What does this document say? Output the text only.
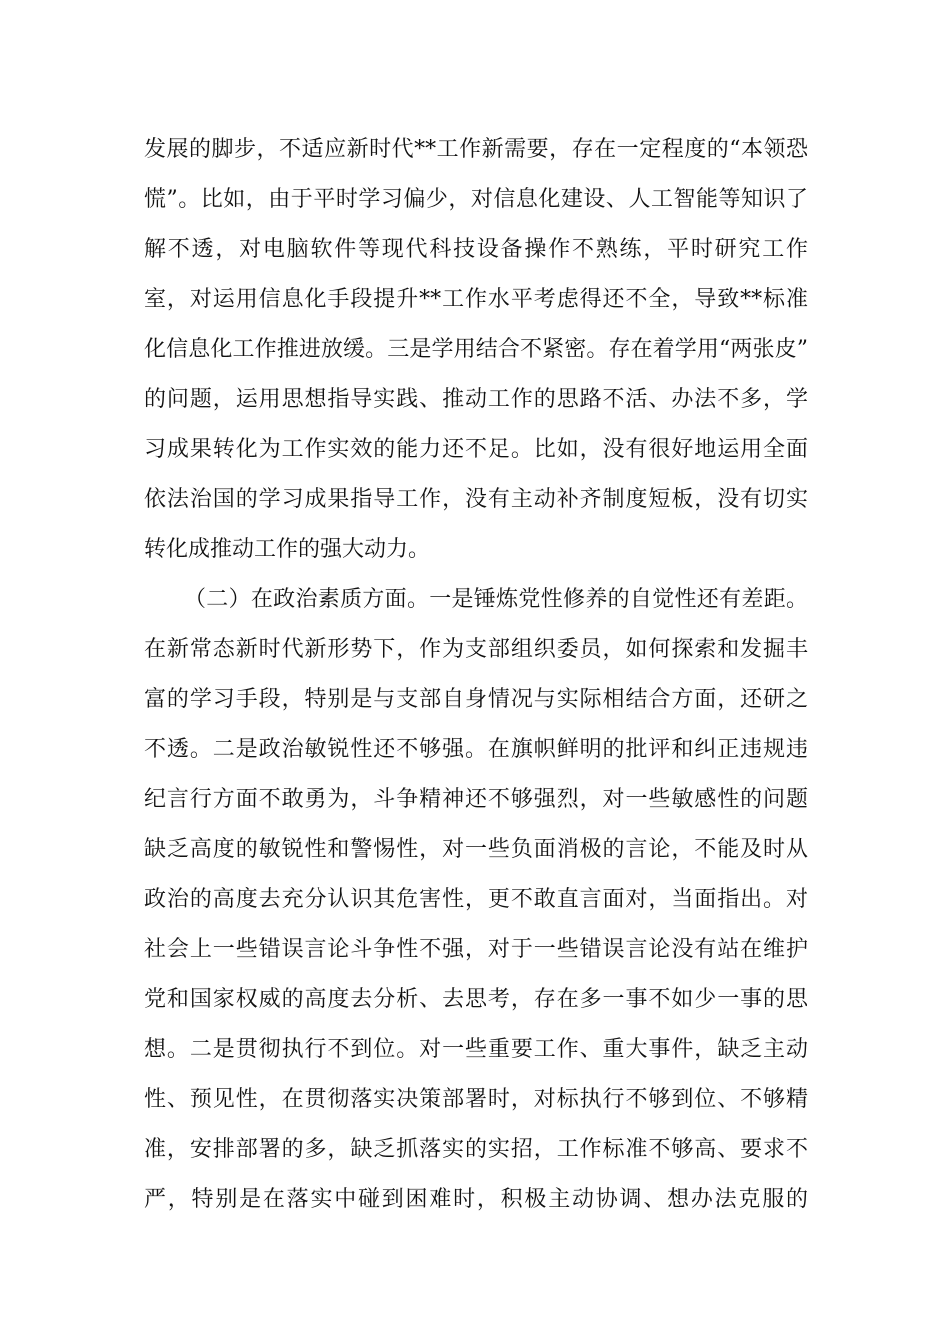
发展的脚步，不适应新时代**工作新需要，存在一定程度的“本领恐
慌”。比如，由于平时学习偏少，对信息化建设、人工智能等知识了
解不透，对电脑软件等现代科技设备操作不熟练，平时研究工作
室，对运用信息化手段提升**工作水平考虑得还不全，导致**标准
化信息化工作推进放缓。三是学用结合不紧密。存在着学用“两张皮”
的问题，运用思想指导实践、推动工作的思路不活、办法不多，学
习成果转化为工作实效的能力还不足。比如，没有很好地运用全面
依法治国的学习成果指导工作，没有主动补齐制度短板，没有切实
转化成推动工作的强大动力。
（二）在政治素质方面。一是锤炼党性修养的自觉性还有差距。
在新常态新时代新形势下，作为支部组织委员，如何探索和发掘丰
富的学习手段，特别是与支部自身情况与实际相结合方面，还研之
不透。二是政治敏锐性还不够强。在旗帜鲜明的批评和纠正违规违
纪言行方面不敢勇为，斗争精神还不够强烈，对一些敏感性的问题
缺乏高度的敏锐性和警惕性，对一些负面消极的言论，不能及时从
政治的高度去充分认识其危害性，更不敢直言面对，当面指出。对
社会上一些错误言论斗争性不强，对于一些错误言论没有站在维护
党和国家权威的高度去分析、去思考，存在多一事不如少一事的思
想。二是贯彻执行不到位。对一些重要工作、重大事件，缺乏主动
性、预见性，在贯彻落实决策部署时，对标执行不够到位、不够精
准，安排部署的多，缺乏抓落实的实招，工作标准不够高、要求不
严，特别是在落实中碰到困难时，积极主动协调、想办法克服的
